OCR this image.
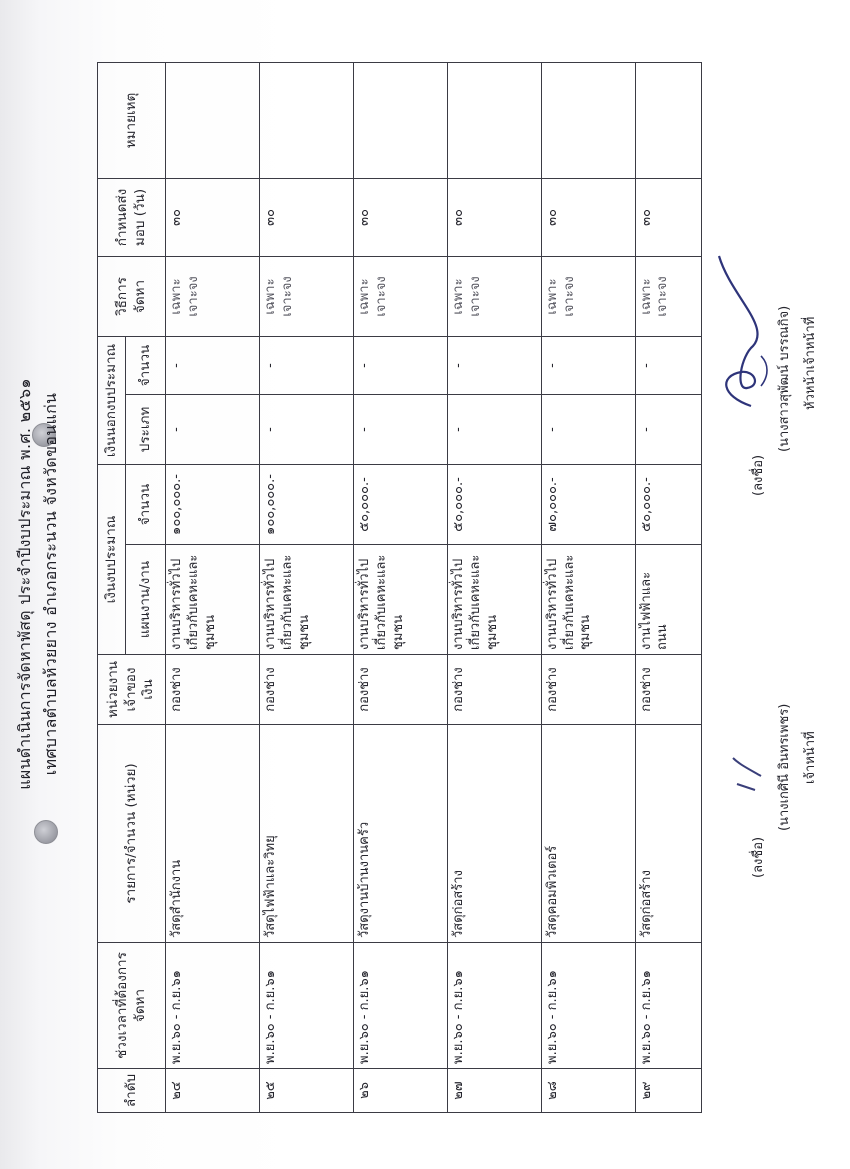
แผนดำเนินการจัดหาพัสดุ ประจำปีงบประมาณ พ.ศ. ๒๕๖๑ เทศบาลตำบลห้วยยาง อำเภอกระนวน จังหวัดขอนแก่น
ลำดับ	ช่วงเวลาที่ต้องการจัดหา	รายการ/จำนวน (หน่วย)	หน่วยงานเจ้าของเงิน	เงินงบประมาณ		เงินนอกงบประมาณ		วิธีการจัดหา	กำหนดส่งมอบ (วัน)	หมายเหตุ
				แผนงาน/งาน	จำนวน	ประเภท	จำนวน			
๒๔	พ.ย.๖๐ - ก.ย.๖๑	วัสดุสำนักงาน	กองช่าง	งานบริหารทั่วไปเกี่ยวกับเคหะและชุมชน	๑๐๐,๐๐๐.-	-	-	เฉพาะเจาะจง	๓๐	
๒๕	พ.ย.๖๐ - ก.ย.๖๑	วัสดุไฟฟ้าและวิทยุ	กองช่าง	งานบริหารทั่วไปเกี่ยวกับเคหะและชุมชน	๑๐๐,๐๐๐.-	-	-	เฉพาะเจาะจง	๓๐	
๒๖	พ.ย.๖๐ - ก.ย.๖๑	วัสดุงานบ้านงานครัว	กองช่าง	งานบริหารทั่วไปเกี่ยวกับเคหะและชุมชน	๕๐,๐๐๐.-	-	-	เฉพาะเจาะจง	๓๐	
๒๗	พ.ย.๖๐ - ก.ย.๖๑	วัสดุก่อสร้าง	กองช่าง	งานบริหารทั่วไปเกี่ยวกับเคหะและชุมชน	๕๐,๐๐๐.-	-	-	เฉพาะเจาะจง	๓๐	
๒๘	พ.ย.๖๐ - ก.ย.๖๑	วัสดุคอมพิวเตอร์	กองช่าง	งานบริหารทั่วไปเกี่ยวกับเคหะและชุมชน	๗๐,๐๐๐.-	-	-	เฉพาะเจาะจง	๓๐	
๒๙	พ.ย.๖๐ - ก.ย.๖๑	วัสดุก่อสร้าง	กองช่าง	งานไฟฟ้าและถนน	๕๐,๐๐๐.-	-	-	เฉพาะเจาะจง	๓๐	
(ลงชื่อ)
(นางเกศินี อินทรเพชร) เจ้าหน้าที่
(ลงชื่อ)
(นางสาวสุพัฒน์ บรรณกิจ) หัวหน้าเจ้าหน้าที่
